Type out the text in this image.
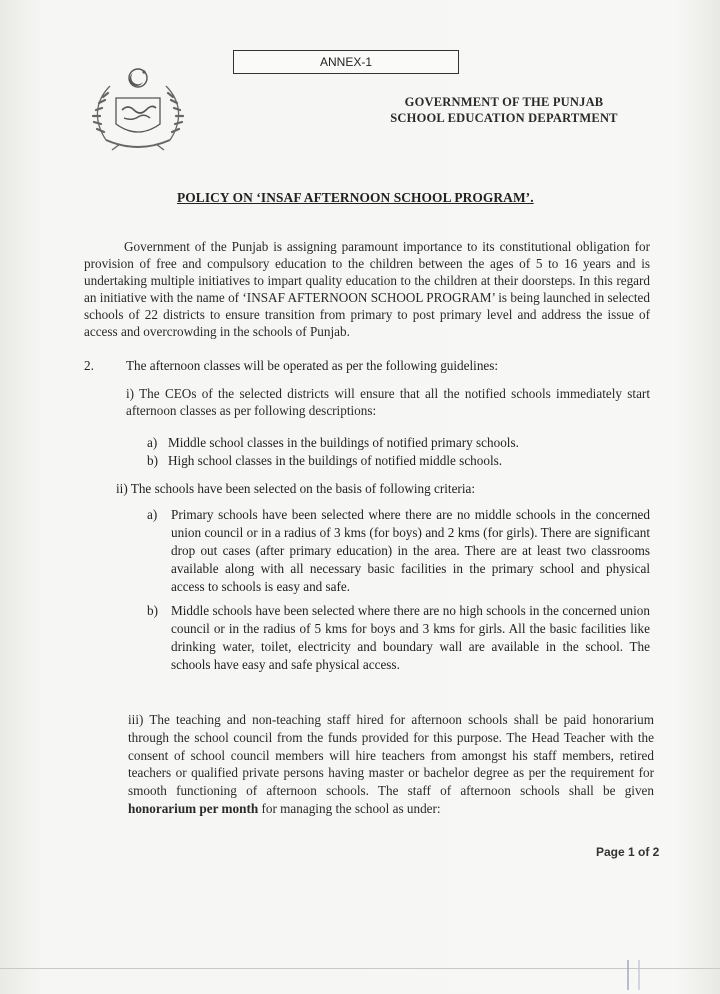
ANNEX-1
GOVERNMENT OF THE PUNJAB
SCHOOL EDUCATION DEPARTMENT
POLICY ON ‘INSAF AFTERNOON SCHOOL PROGRAM’.
Government of the Punjab is assigning paramount importance to its constitutional obligation for provision of free and compulsory education to the children between the ages of 5 to 16 years and is undertaking multiple initiatives to impart quality education to the children at their doorsteps. In this regard an initiative with the name of ‘INSAF AFTERNOON SCHOOL PROGRAM’ is being launched in selected schools of 22 districts to ensure transition from primary to post primary level and address the issue of access and overcrowding in the schools of Punjab.
2. The afternoon classes will be operated as per the following guidelines:
i) The CEOs of the selected districts will ensure that all the notified schools immediately start afternoon classes as per following descriptions:
a) Middle school classes in the buildings of notified primary schools.
b) High school classes in the buildings of notified middle schools.
ii) The schools have been selected on the basis of following criteria:
a) Primary schools have been selected where there are no middle schools in the concerned union council or in a radius of 3 kms (for boys) and 2 kms (for girls). There are significant drop out cases (after primary education) in the area. There are at least two classrooms available along with all necessary basic facilities in the primary school and physical access to schools is easy and safe.
b) Middle schools have been selected where there are no high schools in the concerned union council or in the radius of 5 kms for boys and 3 kms for girls. All the basic facilities like drinking water, toilet, electricity and boundary wall are available in the school. The schools have easy and safe physical access.
iii) The teaching and non-teaching staff hired for afternoon schools shall be paid honorarium through the school council from the funds provided for this purpose. The Head Teacher with the consent of school council members will hire teachers from amongst his staff members, retired teachers or qualified private persons having master or bachelor degree as per the requirement for smooth functioning of afternoon schools. The staff of afternoon schools shall be given honorarium per month for managing the school as under:
Page 1 of 2
